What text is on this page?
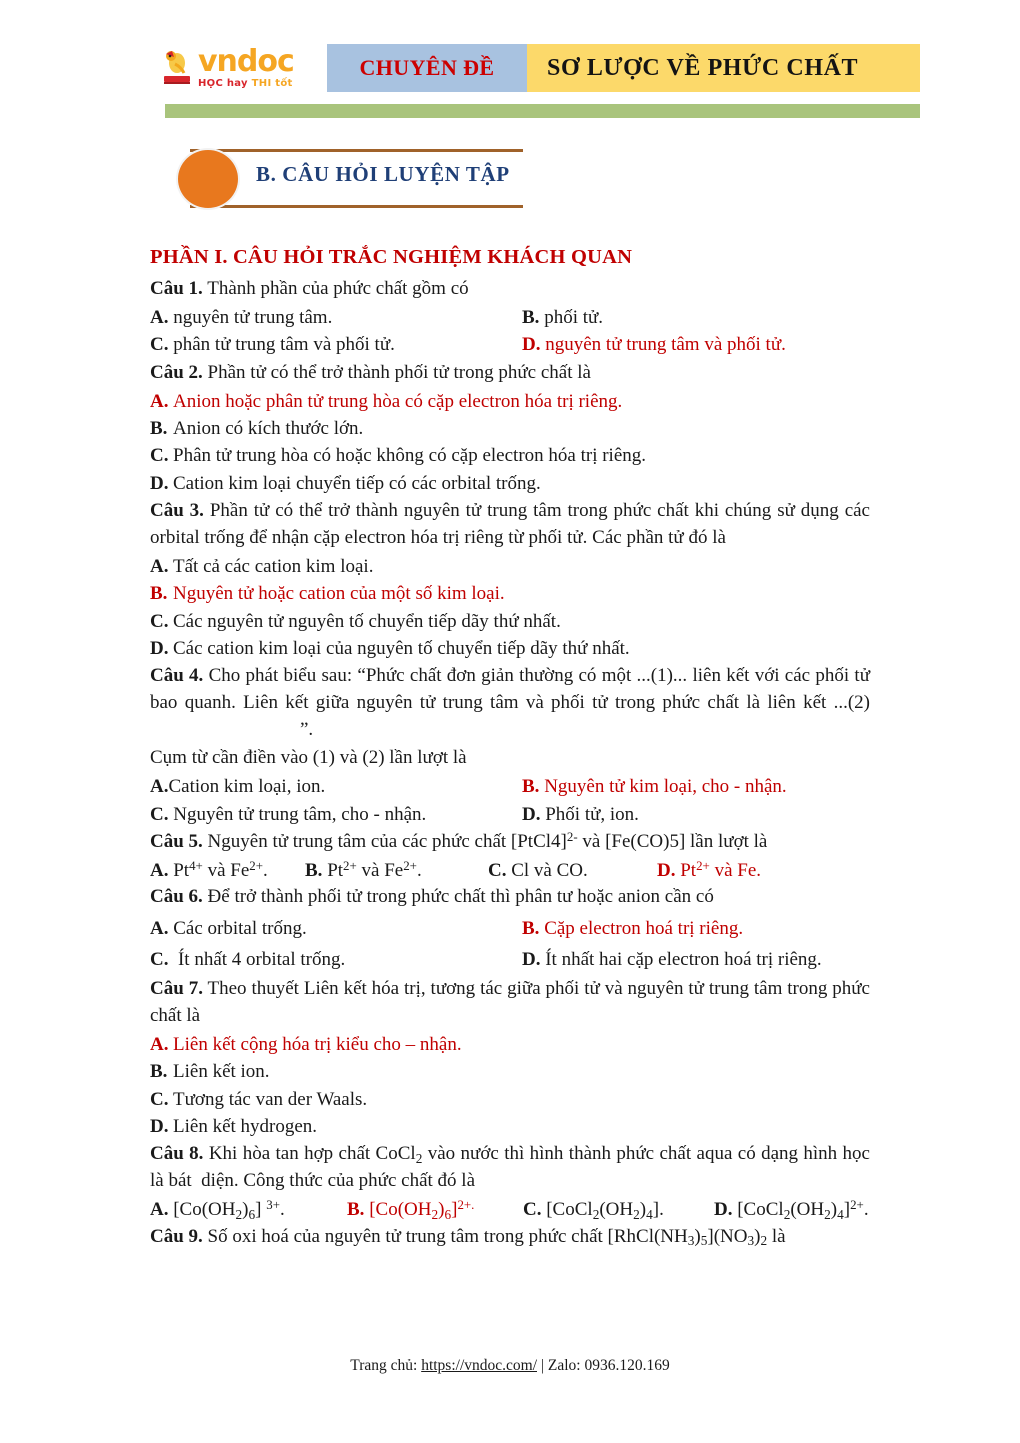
vndoc
HỌC hay THI tốt
CHUYÊN ĐỀ SƠ LƯỢC VỀ PHỨC CHẤT
B. CÂU HỎI LUYỆN TẬP
PHẦN I. CÂU HỎI TRẮC NGHIỆM KHÁCH QUAN
Câu 1. Thành phần của phức chất gồm có
A. nguyên tử trung tâm.	B. phối tử.
C. phân tử trung tâm và phối tử.	D. nguyên tử trung tâm và phối tử.
Câu 2. Phần tử có thể trở thành phối tử trong phức chất là
A. Anion hoặc phân tử trung hòa có cặp electron hóa trị riêng.
B. Anion có kích thước lớn.
C. Phân tử trung hòa có hoặc không có cặp electron hóa trị riêng.
D. Cation kim loại chuyển tiếp có các orbital trống.
Câu 3. Phần tử có thể trở thành nguyên tử trung tâm trong phức chất khi chúng sử dụng các orbital trống để nhận cặp electron hóa trị riêng từ phối tử. Các phần tử đó là
A. Tất cả các cation kim loại.
B. Nguyên tử hoặc cation của một số kim loại.
C. Các nguyên tử nguyên tố chuyển tiếp dãy thứ nhất.
D. Các cation kim loại của nguyên tố chuyển tiếp dãy thứ nhất.
Câu 4. Cho phát biểu sau: “Phức chất đơn giản thường có một ...(1)... liên kết với các phối tử bao quanh. Liên kết giữa nguyên tử trung tâm và phối tử trong phức chất là liên kết ...(2)”.
Cụm từ cần điền vào (1) và (2) lần lượt là
A.Cation kim loại, ion.	B. Nguyên tử kim loại, cho - nhận.
C. Nguyên tử trung tâm, cho - nhận.	D. Phối tử, ion.
Câu 5. Nguyên tử trung tâm của các phức chất [PtCl4]$^{2-}$ và [Fe(CO)5] lần lượt là
A. $Pt^{4+}$ và $Fe^{2+}$.	B. $Pt^{2+}$ và $Fe^{2+}$.	C. Cl và CO.	D. $Pt^{2+}$ và Fe.
Câu 6. Để trở thành phối tử trong phức chất thì phân tư hoặc anion cần có
A. Các orbital trống.	B. Cặp electron hoá trị riêng.
C. Ít nhất 4 orbital trống.	D. Ít nhất hai cặp electron hoá trị riêng.
Câu 7. Theo thuyết Liên kết hóa trị, tương tác giữa phối tử và nguyên tử trung tâm trong phức chất là
A. Liên kết cộng hóa trị kiểu cho – nhận.
B. Liên kết ion.
C. Tương tác van der Waals.
D. Liên kết hydrogen.
Câu 8. Khi hòa tan hợp chất CoCl$_2$ vào nước thì hình thành phức chất aqua có dạng hình học là bát  diện. Công thức của phức chất đó là
A. $[Co(OH_2)_6]$ $^{3+}$.	B. $[Co(OH_2)_6]^{2+.}$	C. $[CoCl_2(OH_2)_4]$.	D. $[CoCl_2(OH_2)_4]^{2+}$.
Câu 9. Số oxi hoá của nguyên tử trung tâm trong phức chất $[RhCl(NH_3)_5](NO_3)_2$ là
Trang chủ: https://vndoc.com/ | Zalo: 0936.120.169
